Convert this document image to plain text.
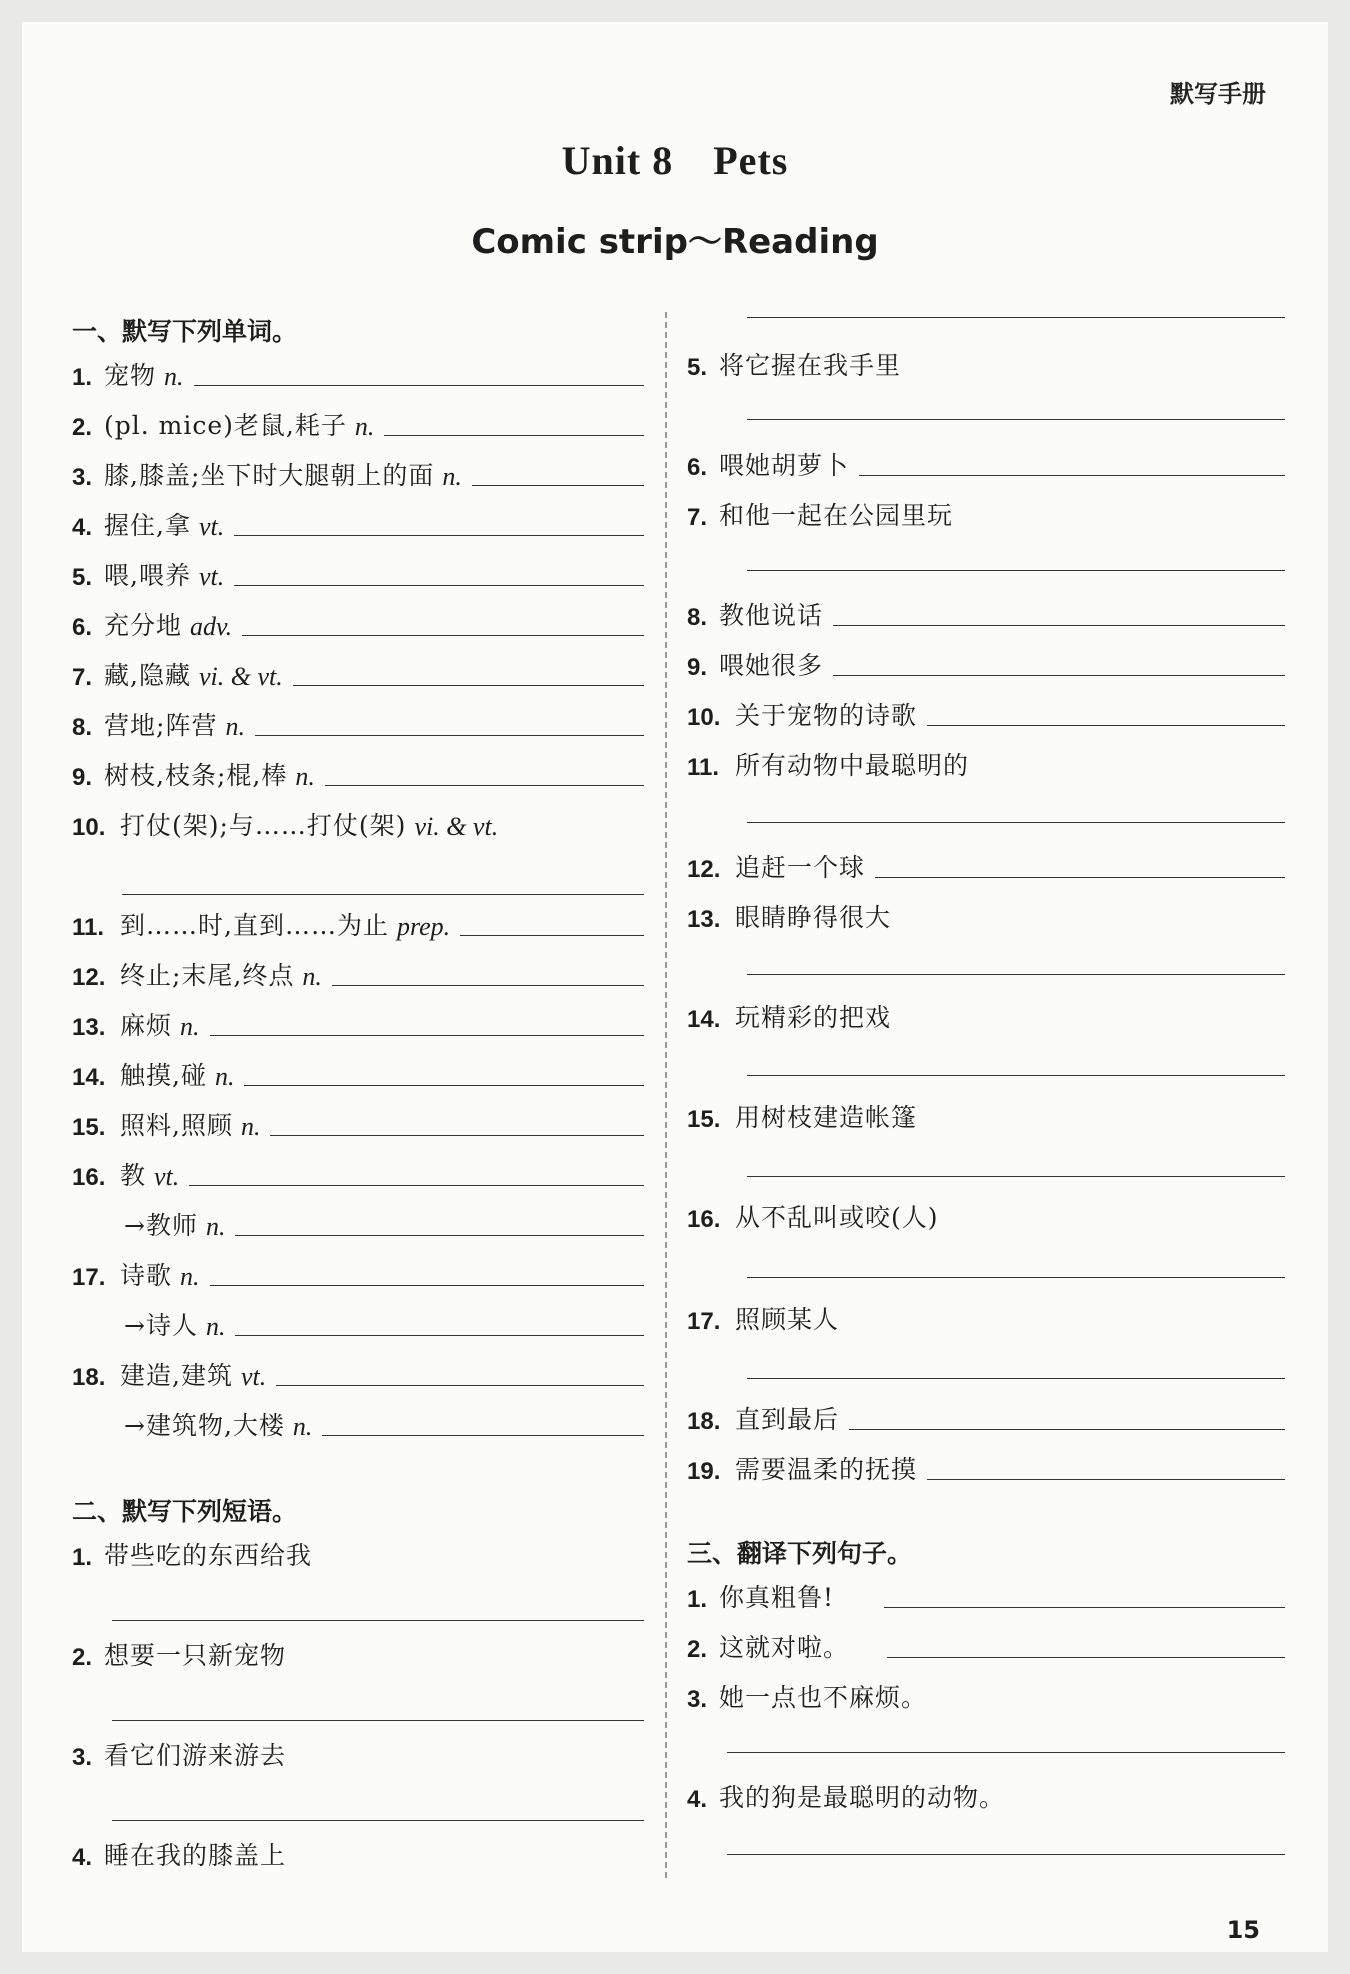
默写手册
Unit 8 Pets
Comic strip～Reading
一、默写下列单词。
1. 宠物 n.
2. (pl. mice)老鼠,耗子 n.
3. 膝,膝盖;坐下时大腿朝上的面 n.
4. 握住,拿 vt.
5. 喂,喂养 vt.
6. 充分地 adv.
7. 藏,隐藏 vi. & vt.
8. 营地;阵营 n.
9. 树枝,枝条;棍,棒 n.
10. 打仗(架);与……打仗(架) vi. & vt.
11. 到……时,直到……为止 prep.
12. 终止;末尾,终点 n.
13. 麻烦 n.
14. 触摸,碰 n.
15. 照料,照顾 n.
16. 教 vt.
→教师 n.
17. 诗歌 n.
→诗人 n.
18. 建造,建筑 vt.
→建筑物,大楼 n.
二、默写下列短语。
1. 带些吃的东西给我
2. 想要一只新宠物
3. 看它们游来游去
4. 睡在我的膝盖上
5. 将它握在我手里
6. 喂她胡萝卜
7. 和他一起在公园里玩
8. 教他说话
9. 喂她很多
10. 关于宠物的诗歌
11. 所有动物中最聪明的
12. 追赶一个球
13. 眼睛睁得很大
14. 玩精彩的把戏
15. 用树枝建造帐篷
16. 从不乱叫或咬(人)
17. 照顾某人
18. 直到最后
19. 需要温柔的抚摸
三、翻译下列句子。
1. 你真粗鲁!
2. 这就对啦。
3. 她一点也不麻烦。
4. 我的狗是最聪明的动物。
15
